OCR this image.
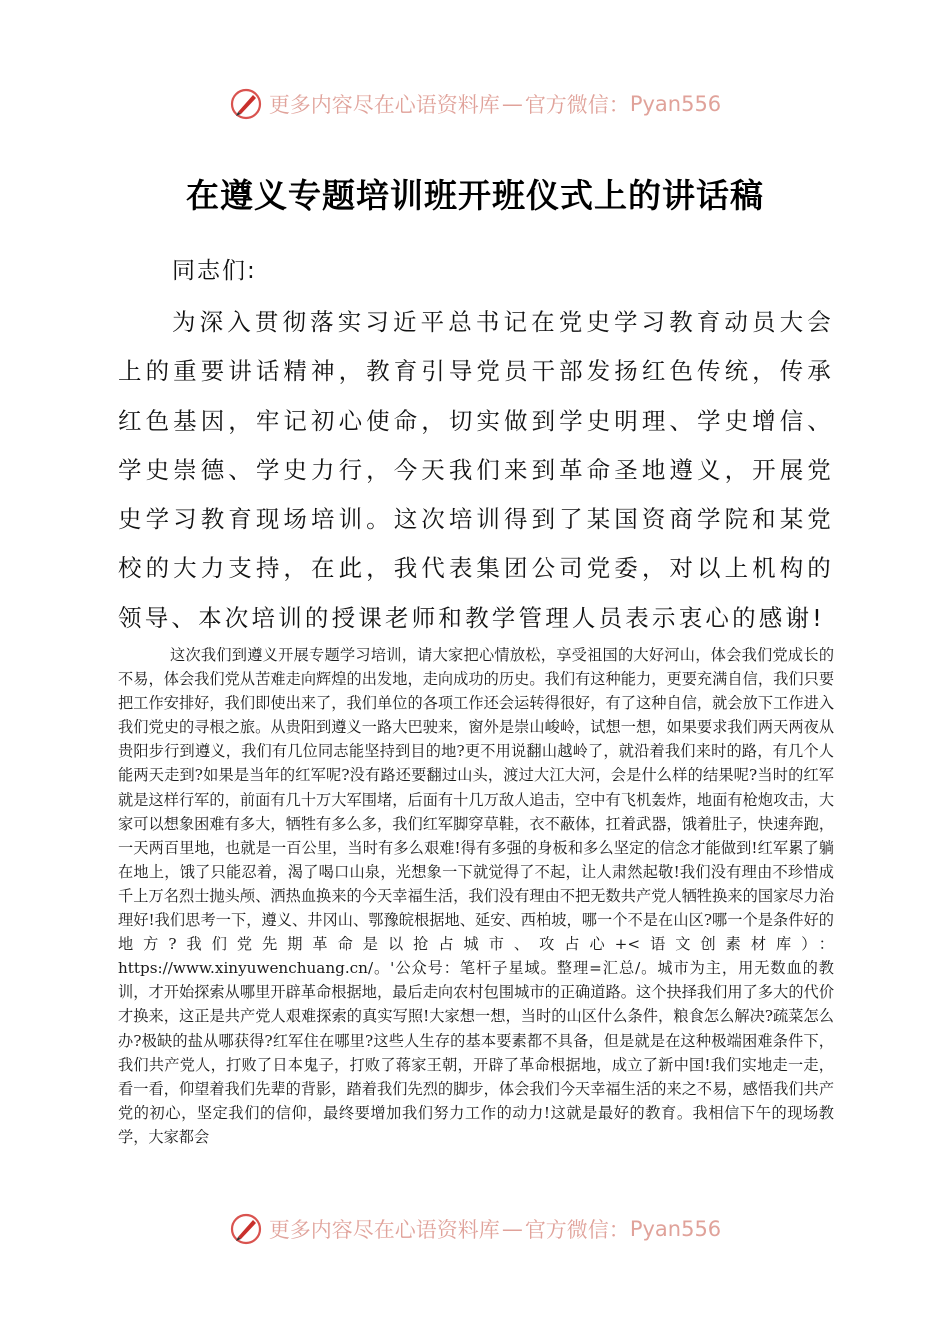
更多内容尽在心语资料库 — 官方微信： Pyan556
在遵义专题培训班开班仪式上的讲话稿
同志们:

为深入贯彻落实习近平总书记在党史学习教育动员大会上的重要讲话精神，教育引导党员干部发扬红色传统，传承红色基因，牢记初心使命，切实做到学史明理、学史增信、学史崇德、学史力行，今天我们来到革命圣地遵义，开展党史学习教育现场培训。这次培训得到了某国资商学院和某党校的大力支持，在此，我代表集团公司党委，对以上机构的领导、本次培训的授课老师和教学管理人员表示衷心的感谢!

这次我们到遵义开展专题学习培训，请大家把心情放松，享受祖国的大好河山，体会我们党成长的不易，体会我们党从苦难走向辉煌的出发地，走向成功的历史。我们有这种能力，更要充满自信，我们只要把工作安排好，我们即使出来了，我们单位的各项工作还会运转得很好，有了这种自信，就会放下工作进入我们党史的寻根之旅。从贵阳到遵义一路大巴驶来，窗外是崇山峻岭，试想一想，如果要求我们两天两夜从贵阳步行到遵义，我们有几位同志能坚持到目的地?更不用说翻山越岭了，就沿着我们来时的路，有几个人能两天走到?如果是当年的红军呢?没有路还要翻过山头，渡过大江大河，会是什么样的结果呢?当时的红军就是这样行军的，前面有几十万大军围堵，后面有十几万敌人追击，空中有飞机轰炸，地面有枪炮攻击，大家可以想象困难有多大，牺牲有多么多，我们红军脚穿草鞋，衣不蔽体，扛着武器，饿着肚子，快速奔跑，一天两百里地，也就是一百公里，当时有多么艰难!得有多强的身板和多么坚定的信念才能做到!红军累了躺在地上，饿了只能忍着，渴了喝口山泉，光想象一下就觉得了不起，让人肃然起敬!我们没有理由不珍惜成千上万名烈士抛头颅、洒热血换来的今天幸福生活，我们没有理由不把无数共产党人牺牲换来的国家尽力治理好!我们思考一下，遵义、井冈山、鄂豫皖根据地、延安、西柏坡，哪一个不是在山区?哪一个是条件好的地方?我们党先期革命是以抢占城市、攻占心+<语文创素材库）：https://www.xinyuwenchuang.cn/。'公众号：笔杆子星域。整理=汇总/。城市为主，用无数血的教训，才开始探索从哪里开辟革命根据地，最后走向农村包围城市的正确道路。这个抉择我们用了多大的代价才换来，这正是共产党人艰难探索的真实写照!大家想一想，当时的山区什么条件，粮食怎么解决?疏菜怎么办?极缺的盐从哪获得?红军住在哪里?这些人生存的基本要素都不具备，但是就是在这种极端困难条件下，我们共产党人，打败了日本鬼子，打败了蒋家王朝，开辟了革命根据地，成立了新中国!我们实地走一走，看一看，仰望着我们先辈的背影，踏着我们先烈的脚步，体会我们今天幸福生活的来之不易，感悟我们共产党的初心，坚定我们的信仰，最终要增加我们努力工作的动力!这就是最好的教育。我相信下午的现场教学，大家都会

更多内容尽在心语资料库 — 官方微信： Pyan556
